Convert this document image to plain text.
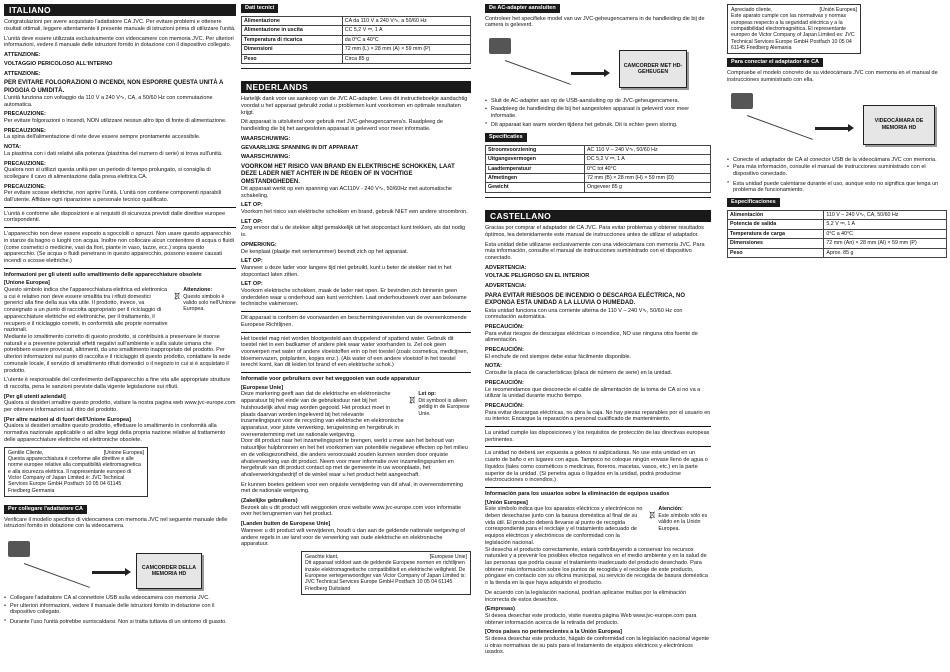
ITALIANO

Congratulazioni per avere acquistato l'adattatore CA JVC. Per evitare problemi e ottenere risultati ottimali, leggere attentamente il presente manuale di istruzioni prima di utilizzare l'unità.

L'unità deve essere utilizzata esclusivamente con videocamere con memoria JVC. Per ulteriori informazioni, vedere il manuale delle istruzioni fornito in dotazione con il dispositivo collegato.

ATTENZIONE:

VOLTAGGIO PERICOLOSO ALL'INTERNO

ATTENZIONE:
PER EVITARE FOLGORAZIONI O INCENDI, NON ESPORRE QUESTA UNITÀ A PIOGGIA O UMIDITÀ.

L'unità funziona con voltaggio da 110 V a 240 V∿, CA, a 50/60 Hz con commutazione automatica.

PRECAUZIONE:

Per evitare folgorazioni o incendi, NON utilizzare nessun altro tipo di fonte di alimentazione.

PRECAUZIONE:

La spina dell'alimentazione di rete deve essere sempre prontamente accessibile.

NOTA:

La piastrina con i dati relativi alla potenza (piastrina del numero di serie) si trova sull'unità.

PRECAUZIONE:

Qualora non si utilizzi questa unità per un periodo di tempo prolungato, si consiglia di scollegare il cavo di alimentazione dalla presa elettrica CA.

PRECAUZIONE:

Per evitare scosse elettriche, non aprire l'unità. L'unità non contiene componenti riparabili dall'utente. Affidare ogni riparazione a personale tecnico qualificato.

L'unità è conforme alle disposizioni e ai requisiti di sicurezza previsti dalle direttive europee corrispondenti.

L'apparecchio non deve essere esposto a sgocciolii o spruzzi. Non usare questo apparecchio in stanze da bagno o luoghi con acqua. Inoltre non collocare alcun contenitore di acqua o fluidi (come cosmetici o medicine, vasi da fiori, piante in vaso, tazze, ecc.) sopra questo apparecchio. (Se acqua o fluidi penetrano in questo apparecchio, possono essere causati incendi o scosse elettriche.)

Informazioni per gli utenti sullo smaltimento delle apparecchiature obsolete
[Unione Europea]
Questo simbolo indica che l'apparecchiatura elettrica ed elettronica a cui è relativo non deve essere smaltita tra i rifiuti domestici generici alla fine della sua vita utile. Il prodotto, invece, va consegnato a un punto di raccolta appropriato per il riciclaggio di apparecchiature elettriche ed elettroniche, per il trattamento, il recupero e il riciclaggio corretti, in conformità alle proprie normative nazionali.
Attenzione:
Questo simbolo è valido solo nell'Unione Europea.

Mediante lo smaltimento corretto di questo prodotto, si contribuirà a preservare le risorse naturali e a prevenire potenziali effetti negativi sull'ambiente e sulla salute umana che potrebbero essere provocati, altrimenti, da uno smaltimento inappropriato del prodotto. Per ulteriori informazioni sul punto di raccolta e il riciclaggio di questo prodotto, contattare la sede comunale locale, il servizio di smaltimento rifiuti domestici o il negozio in cui si è acquistato il prodotto.

L'utente è responsabile del conferimento dell'apparecchio a fine vita alle appropriate strutture di raccolta, pena le sanzioni previste dalla vigente legislazione sui rifiuti.

[Per gli utenti aziendali]

Qualora si desideri smaltire questo prodotto, visitare la nostra pagina web www.jvc-europe.com per ottenere informazioni sul ritiro del prodotto.

[Per altre nazioni al di fuori dell'Unione Europea]

Qualora si desideri smaltire questo prodotto, effettuare lo smaltimento in conformità alla normativa nazionale applicabile o ad altre leggi della propria nazione relative al trattamento delle apparecchiature elettriche ed elettroniche obsolete.

Gentile Cliente,	[Unione Europea]
Questa apparecchiatura è conforme alle direttive e alle norme europee relative alla compatibilità elettromagnetica e alla sicurezza elettrica. Il rappresentante europeo di Victor Company of Japan Limited è: JVC Technical Services Europe GmbH Postfach 10 05 04 61145 Friedberg Germania
Per collegare l'adattatore CA

Verificare il modello specifico di videocamera con memoria JVC nel seguente manuale delle istruzioni fornito in dotazione con la videocamera.

CAMCORDER DELLA MEMORIA HD
• Collegare l'adattatore CA al connettore USB sulla videocamera con memoria JVC.
• Per ulteriori informazioni, vedere il manuale delle istruzioni fornito in dotazione con il dispositivo collegato.
* Durante l'uso l'unità potrebbe surriscaldarsi. Non si tratta tuttavia di un sintomo di guasto.
Dati tecnici
Alimentazione	CA da 110 V a 240 V∿, a 50/60 Hz
Alimentazione in uscita	CC 5,2 V ⎓, 1 A
Temperatura di ricarica	da 0°C a 40°C
Dimensioni	72 mm (L) × 28 mm (A) × 59 mm (P)
Peso	Circa 85 g
NEDERLANDS

Hartelijk dank voor uw aankoop van de JVC AC-adapter. Lees dit instructieboekje aandachtig voordat u het apparaat gebruikt zodat u problemen kunt voorkomen en optimale resultaten krijgt.

Dit apparaat is uitsluitend voor gebruik met JVC-geheugencamera's. Raadpleeg de handleiding die bij het aangesloten apparaat is geleverd voor meer informatie.

WAARSCHUWING:

GEVAARLIJKE SPANNING IN DIT APPARAAT

WAARSCHUWING:
VOORKOM HET RISICO VAN BRAND EN ELEKTRISCHE SCHOKKEN, LAAT DEZE LADER NIET ACHTER IN DE REGEN OF IN VOCHTIGE OMSTANDIGHEDEN.

Dit apparaat werkt op een spanning van AC110V - 240 V∿, 50/60Hz met automatische schakeling.

LET OP:

Voorkom het risico van elektrische schokken en brand, gebruik NIET een andere stroombron.

LET OP:

Zorg ervoor dat u de stekker altijd gemakkelijk uit het stopcontact kunt trekken, als dat nodig is.

OPMERKING:

De kenplaat (plaatje met serienummer) bevindt zich op het apparaat.

LET OP:

Wanneer u deze lader voor langere tijd niet gebruikt, kunt u beter de stekker niet in het stopcontact laten zitten.

LET OP:

Voorkom elektrische schokken, maak de lader niet open. Er bevinden zich binnenin geen onderdelen waar u onderhoud aan kunt verrichten. Laat onderhoudswerk over aan bekwame technische vakmensen.

Dit apparaat is conform de voorwaarden en beschermingsvereisten van de overeenkomende Europese Richtlijnen.

Het toestel mag niet worden blootgesteld aan druppelend of spattend water. Gebruik dit toestel niet in een badkamer of andere plek waar water voorhanden is. Zet ook geen voorwerpen met water of andere vloeistoffen erin op het toestel (zoals cosmetica, medicijnen, bloemenvazen, potplanten, kopjes enz.). (Als water of een andere vloeistof in het toestel terecht komt, kan dit leiden tot brand of een elektrische schok.)

Informatie voor gebruikers over het weggooien van oude apparatuur
[Europese Unie]
Deze markering geeft aan dat de elektrische en elektronische apparatuur bij het einde van de gebruiksduur niet bij het huishoudelijk afval mag worden gegooid. Het product moet in plaats daarvan worden ingeleverd bij het relevante inzamelingspunt voor de recycling van elektrische en elektronische apparatuur, voor juiste verwerking, terugwinning en hergebruik in overeenstemming met uw nationale wetgeving.
Let op:
Dit symbool is alleen geldig in de Europese Unie.

Door dit product naar het inzamelingspunt te brengen, werkt u mee aan het behoud van natuurlijke hulpbronnen en het het voorkomen van potentiële negatieve effecten op het milieu en de volksgezondheid, die anders veroorzaakt zouden kunnen worden door onjuiste afvalverwerking van dit product. Neem voor meer informatie over inzamelingspunten en hergebruik van dit product contact op met de gemeente in uw woonplaats, het afvalverwerkingsbedrijf of de winkel waar u het product hebt aangeschaft.

Er kunnen boetes geldeen voor een onjuiste verwijdering van dit afval, in overeenstemming met de nationale wetgeving.

(Zakelijke gebruikers)

Bezoek als u dit product wilt weggooien onze website www.jvc-europe.com voor informatie over het terugnemen van het product.

[Landen buiten de Europese Unie]

Wanneer u dit product wilt verwijderen, houdt u dan aan de geldende nationale wetgeving of andere regels in uw land voor de verwerking van oude elektrische en elektronische apparatuur.

Geachte klant,	[Europese Unie]
Dit apparaat voldoet aan de geldende Europese normen en richtlijnen inzake elektromagnetische compatibiliteit en elektrische veiligheid. De Europese vertegenwoordiger van Victor Company of Japan Limited is: JVC Technical Services Europe GmbH Postfach 10 05 04 61145 Friedberg Duitsland
De AC-adapter aansluiten

Controleer het specifieke model van uw JVC-geheugencamera in de handleiding die bij de camera is geleverd.

CAMCORDER MET HD-GEHEUGEN
• Sluit de AC-adapter aan op de USB-aansluiting op de JVC-geheugencamera.
• Raadpleeg de handleiding die bij het aangesloten apparaat is geleverd voor meer informatie.
* Dit apparaat kan warm worden tijdens het gebruik. Dit is echter geen storing.
Specificaties
Stroomvoorziening	AC 110 V – 240 V∿, 50/60 Hz
Uitgangsvermogen	DC 5,2 V ⎓, 1 A
Laadtemperatuur	0°C tot 40°C
Afmetingen	72 mm (B) × 28 mm (H) × 59 mm (D)
Gewicht	Ongeveer 85 g
CASTELLANO

Gracias por comprar el adaptador de CA JVC. Para evitar problemas y obtener resultados óptimos, lea detenidamente este manual de instrucciones antes de utilizar el adaptador.

Esta unidad debe utilizarse exclusivamente con una videocámara con memoria JVC. Para más información, consulte el manual de instrucciones suministrado con el dispositivo conectado.

ADVERTENCIA:

VOLTAJE PELIGROSO EN EL INTERIOR

ADVERTENCIA:
PARA EVITAR RIESGOS DE INCENDIO O DESCARGA ELÉCTRICA, NO EXPONGA ESTA UNIDAD A LA LLUVIA O HUMEDAD.

Esta unidad funciona con una corriente alterna de 110 V – 240 V∿, 50/60 Hz con conmutación automática.

PRECAUCIÓN:

Para evitar riesgos de descargas eléctricas o incendios, NO use ninguna otra fuente de alimentación.

PRECAUCIÓN:

El enchufe de red siempre debe estar fácilmente disponible.

NOTA:

Consulte la placa de características (placa de número de serie) en la unidad.

PRECAUCIÓN:

Le recomendamos que desconecte el cable de alimentación de la toma de CA si no va a utilizar la unidad durante mucho tiempo.

PRECAUCIÓN:

Para evitar descargas eléctricas, no abra la caja. No hay piezas reparables por el usuario en su interior. Encargue la reparación a personal cualificado de mantenimiento.

La unidad cumple las disposiciones y los requisitos de protección de las directivas europeas pertinentes.

La unidad no deberá ser expuesta a goteos ni salpicaduras. No use esta unidad en un cuarto de baño o en lugares con agua. Tampoco no coloque ningún envase lleno de agua o líquidos (tales como cosméticos o medicinas, floreros, macetas, vasos, etc.) en la parte superior de la unidad. (Si penetra agua o líquidos en la unidad, podrá producirse electrocuciones o incendios.)

Información para los usuarios sobre la eliminación de equipos usados
[Unión Europea]
Este símbolo indica que los aparatos eléctricos y electrónicos no deben desecharse junto con la basura doméstica al final de su vida útil. El producto deberá llevarse al punto de recogida correspondiente para el reciclaje y el tratamiento adecuado de equipos eléctricos y electrónicos de conformidad con la legislación nacional.
Atención:
Este símbolo sólo es válido en la Unión Europea.

Si desecha el producto correctamente, estará contribuyendo a conservar los recursos naturales y a prevenir los posibles efectos negativos en el medio ambiente y en la salud de las personas que podría causar el tratamiento inadecuado del producto desechado. Para obtener más información sobre los puntos de recogida y el reciclaje de este producto, póngase en contacto con su oficina municipal, su servicio de recogida de basura doméstica o la tienda en la que haya adquirido el producto.

De acuerdo con la legislación nacional, podrían aplicarse multas por la eliminación incorrecta de estos desechos.

(Empresas)

Si desea desechar este producto, visite nuestra página Web www.jvc-europe.com para obtener información acerca de la retirada del producto.

[Otros países no pertenecientes a la Unión Europea]

Si desea desechar este producto, hágalo de conformidad con la legislación nacional vigente u otras normativas de su país para el tratamiento de equipos eléctricos y electrónicos usados.

Apreciado cliente,	[Unión Europea]
Este aparato cumple con las normativas y normas europeas respecto a la seguridad eléctrica y a la compatibilidad electromagnética. El representante europeo de Victor Company of Japan Limited es: JVC Technical Services Europe GmbH Postfach 10 05 04 61145 Friedberg Alemania
Para conectar el adaptador de CA

Compruebe el modelo concreto de su videocámara JVC con memoria en el manual de instrucciones suministrado con ella.

VIDEOCÁMARA DE MEMORIA HD
• Conecte el adaptador de CA al conector USB de la videocámara JVC con memoria.
• Para más información, consulte el manual de instrucciones suministrado con el dispositivo conectado.
* Esta unidad puede calentarse durante el uso, aunque esto no significa que tenga un problema de funcionamiento.
Especificaciones
Alimentación	110 V – 240 V∿, CA, 50/60 Hz
Potencia de salida	5,2 V ⎓, 1 A
Temperatura de carga	0°C a 40°C
Dimensiones	72 mm (An) × 28 mm (Al) × 59 mm (P)
Peso	Aprox. 85 g
